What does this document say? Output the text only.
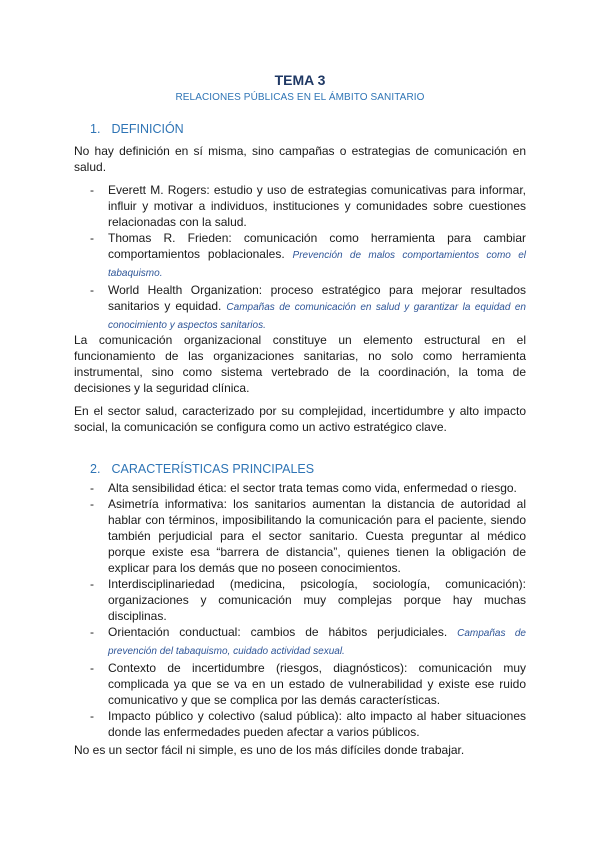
TEMA 3
RELACIONES PÚBLICAS EN EL ÁMBITO SANITARIO
1. DEFINICIÓN
No hay definición en sí misma, sino campañas o estrategias de comunicación en salud.
- Everett M. Rogers: estudio y uso de estrategias comunicativas para informar, influir y motivar a individuos, instituciones y comunidades sobre cuestiones relacionadas con la salud.
- Thomas R. Frieden: comunicación como herramienta para cambiar comportamientos poblacionales. Prevención de malos comportamientos como el tabaquismo.
- World Health Organization: proceso estratégico para mejorar resultados sanitarios y equidad. Campañas de comunicación en salud y garantizar la equidad en conocimiento y aspectos sanitarios.
La comunicación organizacional constituye un elemento estructural en el funcionamiento de las organizaciones sanitarias, no solo como herramienta instrumental, sino como sistema vertebrado de la coordinación, la toma de decisiones y la seguridad clínica.
En el sector salud, caracterizado por su complejidad, incertidumbre y alto impacto social, la comunicación se configura como un activo estratégico clave.
2. CARACTERÍSTICAS PRINCIPALES
- Alta sensibilidad ética: el sector trata temas como vida, enfermedad o riesgo.
- Asimetría informativa: los sanitarios aumentan la distancia de autoridad al hablar con términos, imposibilitando la comunicación para el paciente, siendo también perjudicial para el sector sanitario. Cuesta preguntar al médico porque existe esa “barrera de distancia”, quienes tienen la obligación de explicar para los demás que no poseen conocimientos.
- Interdisciplinariedad (medicina, psicología, sociología, comunicación): organizaciones y comunicación muy complejas porque hay muchas disciplinas.
- Orientación conductual: cambios de hábitos perjudiciales. Campañas de prevención del tabaquismo, cuidado actividad sexual.
- Contexto de incertidumbre (riesgos, diagnósticos): comunicación muy complicada ya que se va en un estado de vulnerabilidad y existe ese ruido comunicativo y que se complica por las demás características.
- Impacto público y colectivo (salud pública): alto impacto al haber situaciones donde las enfermedades pueden afectar a varios públicos.
No es un sector fácil ni simple, es uno de los más difíciles donde trabajar.
